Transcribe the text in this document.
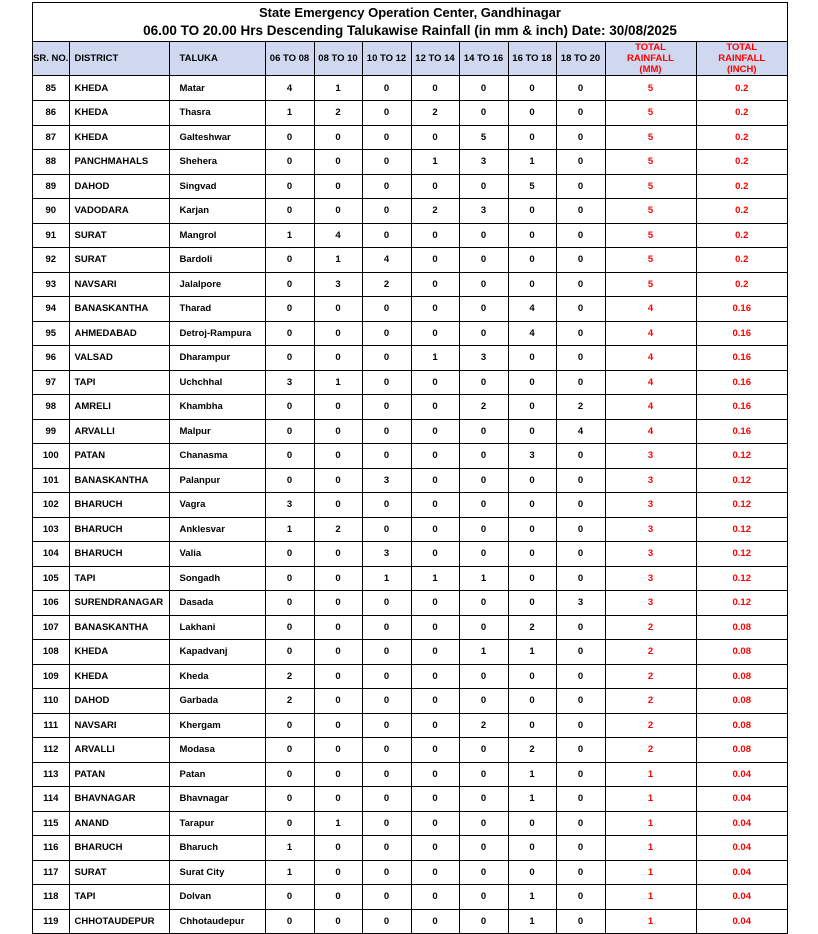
State Emergency Operation Center, Gandhinagar
06.00 TO 20.00 Hrs Descending Talukawise Rainfall (in mm & inch) Date: 30/08/2025
SR. NO.	DISTRICT	TALUKA	06 TO 08	08 TO 10	10 TO 12	12 TO 14	14 TO 16	16 TO 18	18 TO 20	TOTAL RAINFALL (MM)	TOTAL RAINFALL (INCH)
85	KHEDA	Matar	4	1	0	0	0	0	0	5	0.2
86	KHEDA	Thasra	1	2	0	2	0	0	0	5	0.2
87	KHEDA	Galteshwar	0	0	0	0	5	0	0	5	0.2
88	PANCHMAHALS	Shehera	0	0	0	1	3	1	0	5	0.2
89	DAHOD	Singvad	0	0	0	0	0	5	0	5	0.2
90	VADODARA	Karjan	0	0	0	2	3	0	0	5	0.2
91	SURAT	Mangrol	1	4	0	0	0	0	0	5	0.2
92	SURAT	Bardoli	0	1	4	0	0	0	0	5	0.2
93	NAVSARI	Jalalpore	0	3	2	0	0	0	0	5	0.2
94	BANASKANTHA	Tharad	0	0	0	0	0	4	0	4	0.16
95	AHMEDABAD	Detroj-Rampura	0	0	0	0	0	4	0	4	0.16
96	VALSAD	Dharampur	0	0	0	1	3	0	0	4	0.16
97	TAPI	Uchchhal	3	1	0	0	0	0	0	4	0.16
98	AMRELI	Khambha	0	0	0	0	2	0	2	4	0.16
99	ARVALLI	Malpur	0	0	0	0	0	0	4	4	0.16
100	PATAN	Chanasma	0	0	0	0	0	3	0	3	0.12
101	BANASKANTHA	Palanpur	0	0	3	0	0	0	0	3	0.12
102	BHARUCH	Vagra	3	0	0	0	0	0	0	3	0.12
103	BHARUCH	Anklesvar	1	2	0	0	0	0	0	3	0.12
104	BHARUCH	Valia	0	0	3	0	0	0	0	3	0.12
105	TAPI	Songadh	0	0	1	1	1	0	0	3	0.12
106	SURENDRANAGAR	Dasada	0	0	0	0	0	0	3	3	0.12
107	BANASKANTHA	Lakhani	0	0	0	0	0	2	0	2	0.08
108	KHEDA	Kapadvanj	0	0	0	0	1	1	0	2	0.08
109	KHEDA	Kheda	2	0	0	0	0	0	0	2	0.08
110	DAHOD	Garbada	2	0	0	0	0	0	0	2	0.08
111	NAVSARI	Khergam	0	0	0	0	2	0	0	2	0.08
112	ARVALLI	Modasa	0	0	0	0	0	2	0	2	0.08
113	PATAN	Patan	0	0	0	0	0	1	0	1	0.04
114	BHAVNAGAR	Bhavnagar	0	0	0	0	0	1	0	1	0.04
115	ANAND	Tarapur	0	1	0	0	0	0	0	1	0.04
116	BHARUCH	Bharuch	1	0	0	0	0	0	0	1	0.04
117	SURAT	Surat City	1	0	0	0	0	0	0	1	0.04
118	TAPI	Dolvan	0	0	0	0	0	1	0	1	0.04
119	CHHOTAUDEPUR	Chhotaudepur	0	0	0	0	0	1	0	1	0.04
